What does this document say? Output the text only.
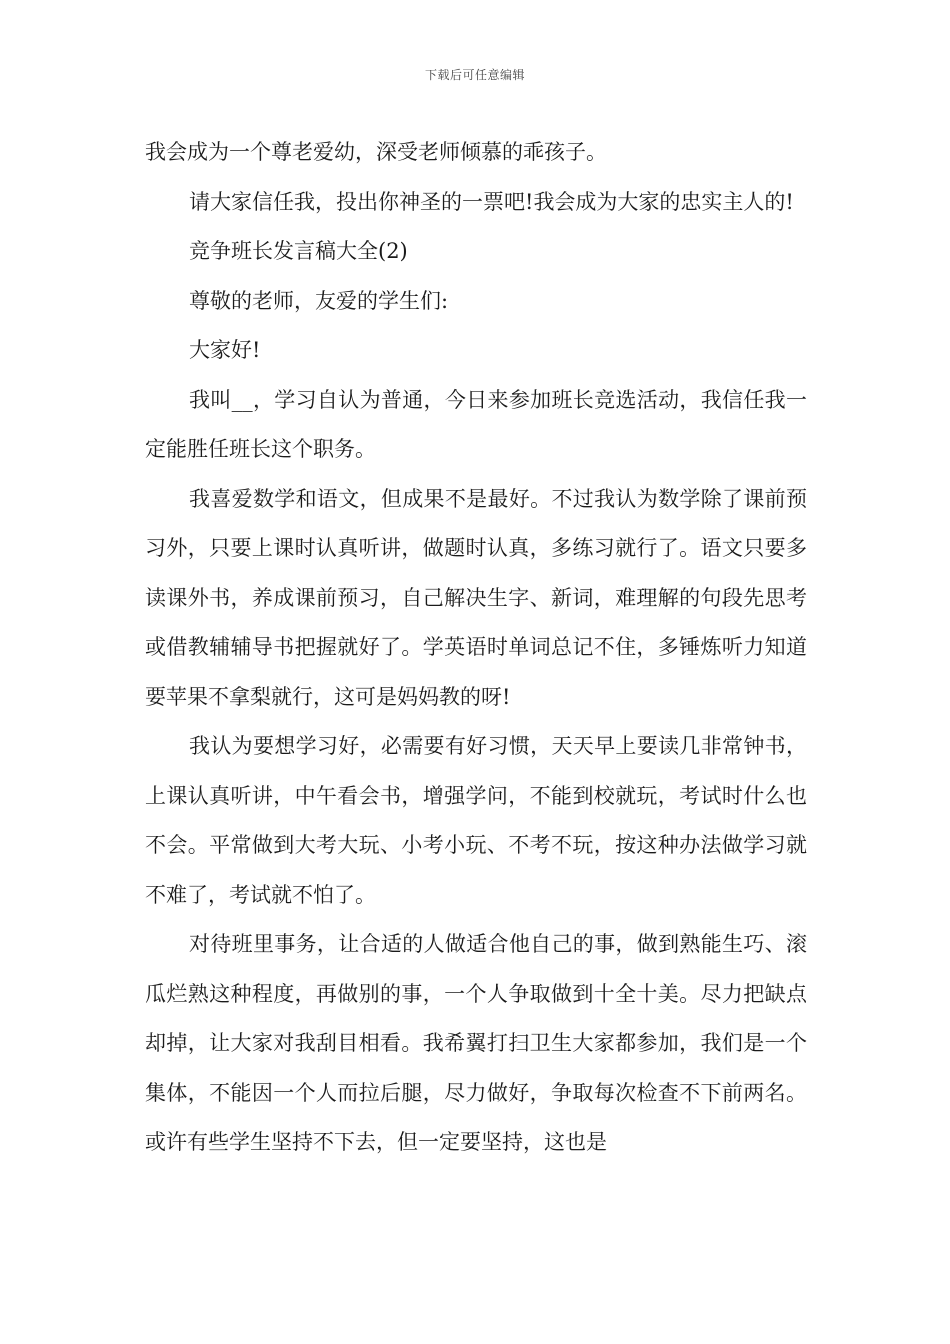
下载后可任意编辑

我会成为一个尊老爱幼，深受老师倾慕的乖孩子。

请大家信任我，投出你神圣的一票吧!我会成为大家的忠实主人的!

竞争班长发言稿大全(2)

尊敬的老师，友爱的学生们:

大家好!

我叫__，学习自认为普通，今日来参加班长竞选活动，我信任我一定能胜任班长这个职务。

我喜爱数学和语文，但成果不是最好。不过我认为数学除了课前预习外，只要上课时认真听讲，做题时认真，多练习就行了。语文只要多读课外书，养成课前预习，自己解决生字、新词，难理解的句段先思考或借教辅辅导书把握就好了。学英语时单词总记不住，多锤炼听力知道要苹果不拿梨就行，这可是妈妈教的呀!

我认为要想学习好，必需要有好习惯，天天早上要读几非常钟书，上课认真听讲，中午看会书，增强学问，不能到校就玩，考试时什么也不会。平常做到大考大玩、小考小玩、不考不玩，按这种办法做学习就不难了，考试就不怕了。

对待班里事务，让合适的人做适合他自己的事，做到熟能生巧、滚瓜烂熟这种程度，再做别的事，一个人争取做到十全十美。尽力把缺点却掉，让大家对我刮目相看。我希翼打扫卫生大家都参加，我们是一个集体，不能因一个人而拉后腿，尽力做好，争取每次检查不下前两名。或许有些学生坚持不下去，但一定要坚持，这也是
